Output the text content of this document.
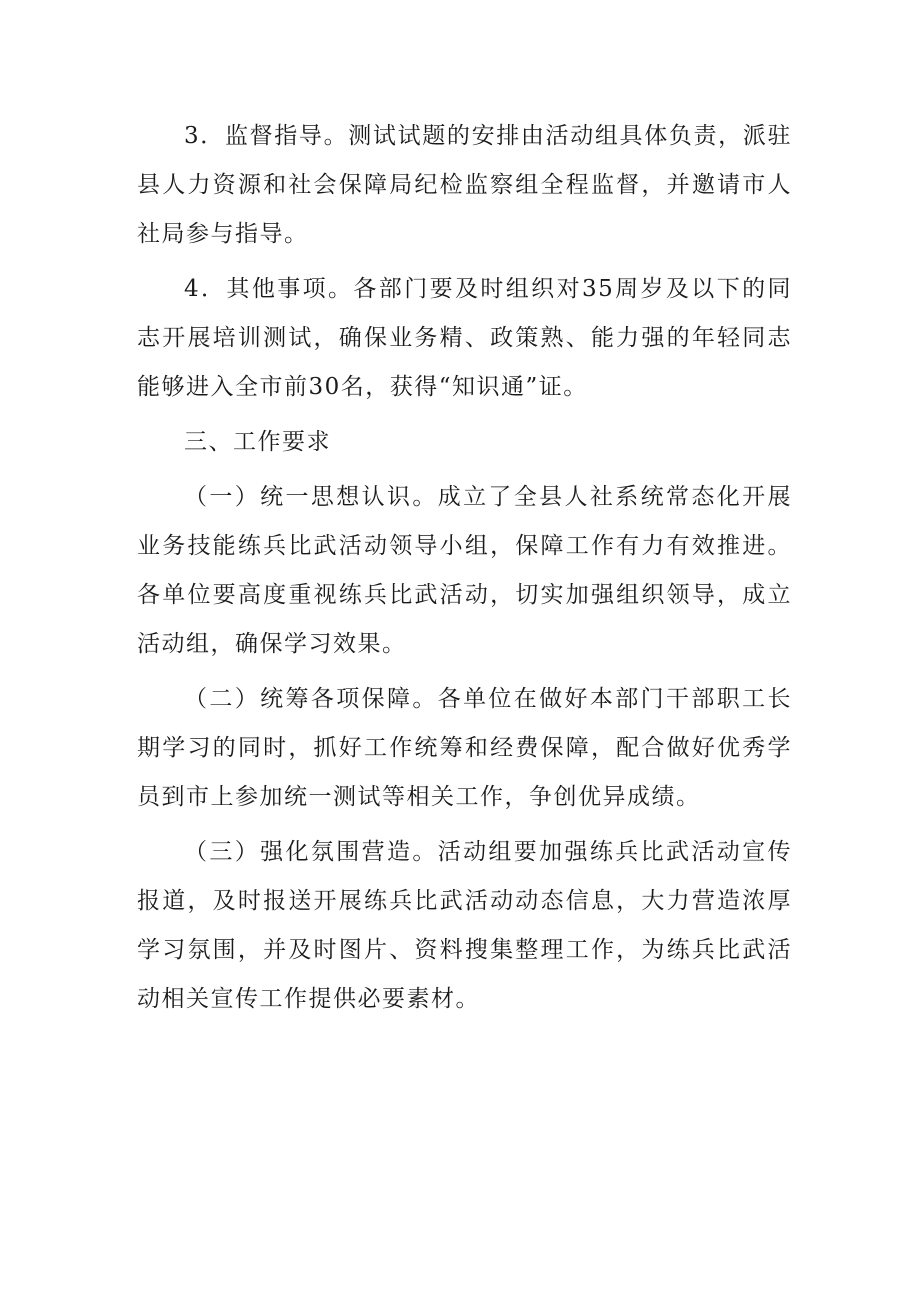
3．监督指导。测试试题的安排由活动组具体负责，派驻县人力资源和社会保障局纪检监察组全程监督，并邀请市人社局参与指导。

4．其他事项。各部门要及时组织对35周岁及以下的同志开展培训测试，确保业务精、政策熟、能力强的年轻同志能够进入全市前30名，获得“知识通”证。

三、工作要求

（一）统一思想认识。成立了全县人社系统常态化开展业务技能练兵比武活动领导小组，保障工作有力有效推进。各单位要高度重视练兵比武活动，切实加强组织领导，成立活动组，确保学习效果。

（二）统筹各项保障。各单位在做好本部门干部职工长期学习的同时，抓好工作统筹和经费保障，配合做好优秀学员到市上参加统一测试等相关工作，争创优异成绩。

（三）强化氛围营造。活动组要加强练兵比武活动宣传报道，及时报送开展练兵比武活动动态信息，大力营造浓厚学习氛围，并及时图片、资料搜集整理工作，为练兵比武活动相关宣传工作提供必要素材。
